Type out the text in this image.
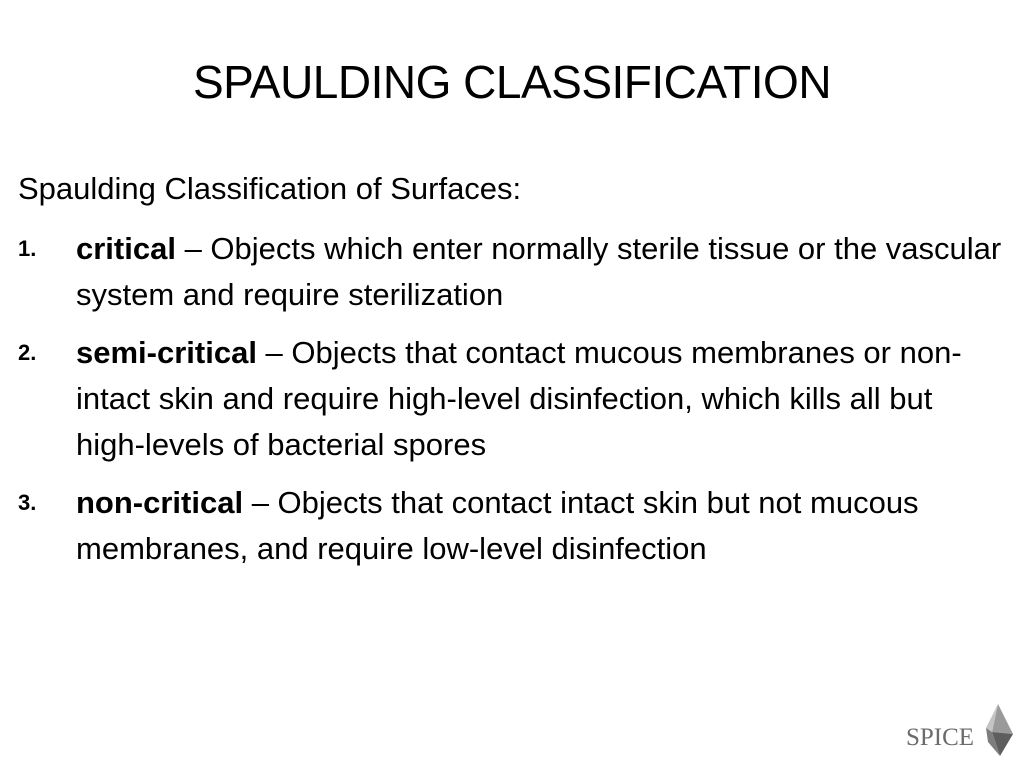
SPAULDING CLASSIFICATION

Spaulding Classification of Surfaces:

1.	critical – Objects which enter normally sterile tissue or the vascular system and require sterilization
2.	semi-critical – Objects that contact mucous membranes or non-intact skin and require high-level disinfection, which kills all but high-levels of bacterial spores
3.	non-critical – Objects that contact intact skin but not mucous membranes, and require low-level disinfection
SPICE
